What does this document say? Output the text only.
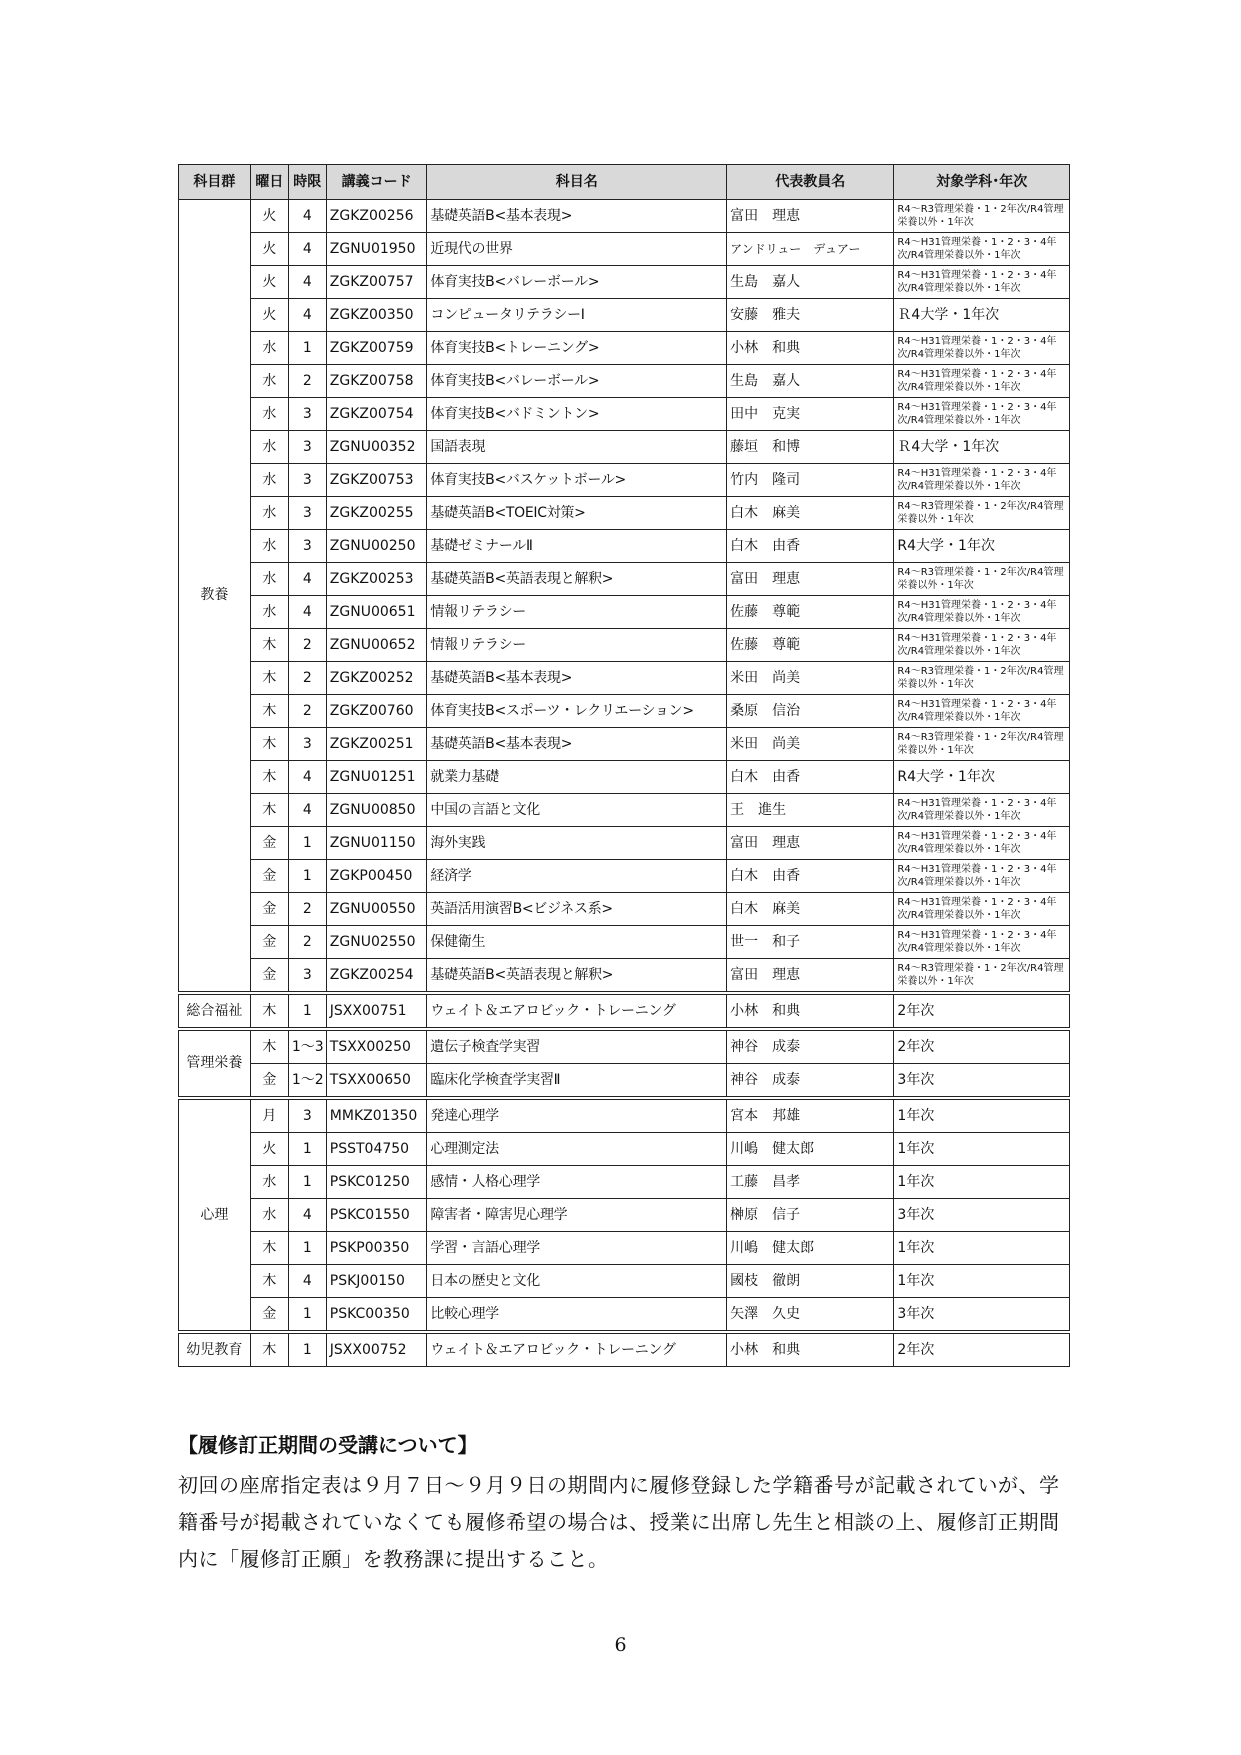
科目群	曜日	時限	講義コード	科目名	代表教員名	対象学科･年次
教養	火	4	ZGKZ00256	基礎英語B<基本表現>	富田　理恵	R4～R3管理栄養・1・2年次/R4管理栄養以外・1年次
	火	4	ZGNU01950	近現代の世界	アンドリュー　デュアー	R4～H31管理栄養・1・2・3・4年次/R4管理栄養以外・1年次
	火	4	ZGKZ00757	体育実技B<バレーボール>	生島　嘉人	R4～H31管理栄養・1・2・3・4年次/R4管理栄養以外・1年次
	火	4	ZGKZ00350	コンピュータリテラシーⅠ	安藤　雅夫	Ｒ4大学・1年次
	水	1	ZGKZ00759	体育実技B<トレーニング>	小林　和典	R4～H31管理栄養・1・2・3・4年次/R4管理栄養以外・1年次
	水	2	ZGKZ00758	体育実技B<バレーボール>	生島　嘉人	R4～H31管理栄養・1・2・3・4年次/R4管理栄養以外・1年次
	水	3	ZGKZ00754	体育実技B<バドミントン>	田中　克実	R4～H31管理栄養・1・2・3・4年次/R4管理栄養以外・1年次
	水	3	ZGNU00352	国語表現	藤垣　和博	Ｒ4大学・1年次
	水	3	ZGKZ00753	体育実技B<バスケットボール>	竹内　隆司	R4～H31管理栄養・1・2・3・4年次/R4管理栄養以外・1年次
	水	3	ZGKZ00255	基礎英語B<TOEIC対策>	白木　麻美	R4～R3管理栄養・1・2年次/R4管理栄養以外・1年次
	水	3	ZGNU00250	基礎ゼミナールⅡ	白木　由香	R4大学・1年次
	水	4	ZGKZ00253	基礎英語B<英語表現と解釈>	富田　理恵	R4～R3管理栄養・1・2年次/R4管理栄養以外・1年次
	水	4	ZGNU00651	情報リテラシー	佐藤　尊範	R4～H31管理栄養・1・2・3・4年次/R4管理栄養以外・1年次
	木	2	ZGNU00652	情報リテラシー	佐藤　尊範	R4～H31管理栄養・1・2・3・4年次/R4管理栄養以外・1年次
	木	2	ZGKZ00252	基礎英語B<基本表現>	米田　尚美	R4～R3管理栄養・1・2年次/R4管理栄養以外・1年次
	木	2	ZGKZ00760	体育実技B<スポーツ・レクリエーション>	桑原　信治	R4～H31管理栄養・1・2・3・4年次/R4管理栄養以外・1年次
	木	3	ZGKZ00251	基礎英語B<基本表現>	米田　尚美	R4～R3管理栄養・1・2年次/R4管理栄養以外・1年次
	木	4	ZGNU01251	就業力基礎	白木　由香	R4大学・1年次
	木	4	ZGNU00850	中国の言語と文化	王　進生	R4～H31管理栄養・1・2・3・4年次/R4管理栄養以外・1年次
	金	1	ZGNU01150	海外実践	富田　理恵	R4～H31管理栄養・1・2・3・4年次/R4管理栄養以外・1年次
	金	1	ZGKP00450	経済学	白木　由香	R4～H31管理栄養・1・2・3・4年次/R4管理栄養以外・1年次
	金	2	ZGNU00550	英語活用演習B<ビジネス系>	白木　麻美	R4～H31管理栄養・1・2・3・4年次/R4管理栄養以外・1年次
	金	2	ZGNU02550	保健衛生	世一　和子	R4～H31管理栄養・1・2・3・4年次/R4管理栄養以外・1年次
	金	3	ZGKZ00254	基礎英語B<英語表現と解釈>	富田　理恵	R4～R3管理栄養・1・2年次/R4管理栄養以外・1年次
総合福祉	木	1	JSXX00751	ウェイト＆エアロビック・トレーニング	小林　和典	2年次
管理栄養	木	1～3	TSXX00250	遺伝子検査学実習	神谷　成泰	2年次
	金	1～2	TSXX00650	臨床化学検査学実習Ⅱ	神谷　成泰	3年次
心理	月	3	MMKZ01350	発達心理学	宮本　邦雄	1年次
	火	1	PSST04750	心理測定法	川嶋　健太郎	1年次
	水	1	PSKC01250	感情・人格心理学	工藤　昌孝	1年次
	水	4	PSKC01550	障害者・障害児心理学	榊原　信子	3年次
	木	1	PSKP00350	学習・言語心理学	川嶋　健太郎	1年次
	木	4	PSKJ00150	日本の歴史と文化	國枝　徹朗	1年次
	金	1	PSKC00350	比較心理学	矢澤　久史	3年次
幼児教育	木	1	JSXX00752	ウェイト＆エアロビック・トレーニング	小林　和典	2年次
【履修訂正期間の受講について】
初回の座席指定表は９月７日～９月９日の期間内に履修登録した学籍番号が記載されていが、学籍番号が掲載されていなくても履修希望の場合は、授業に出席し先生と相談の上、履修訂正期間内に「履修訂正願」を教務課に提出すること。
6
